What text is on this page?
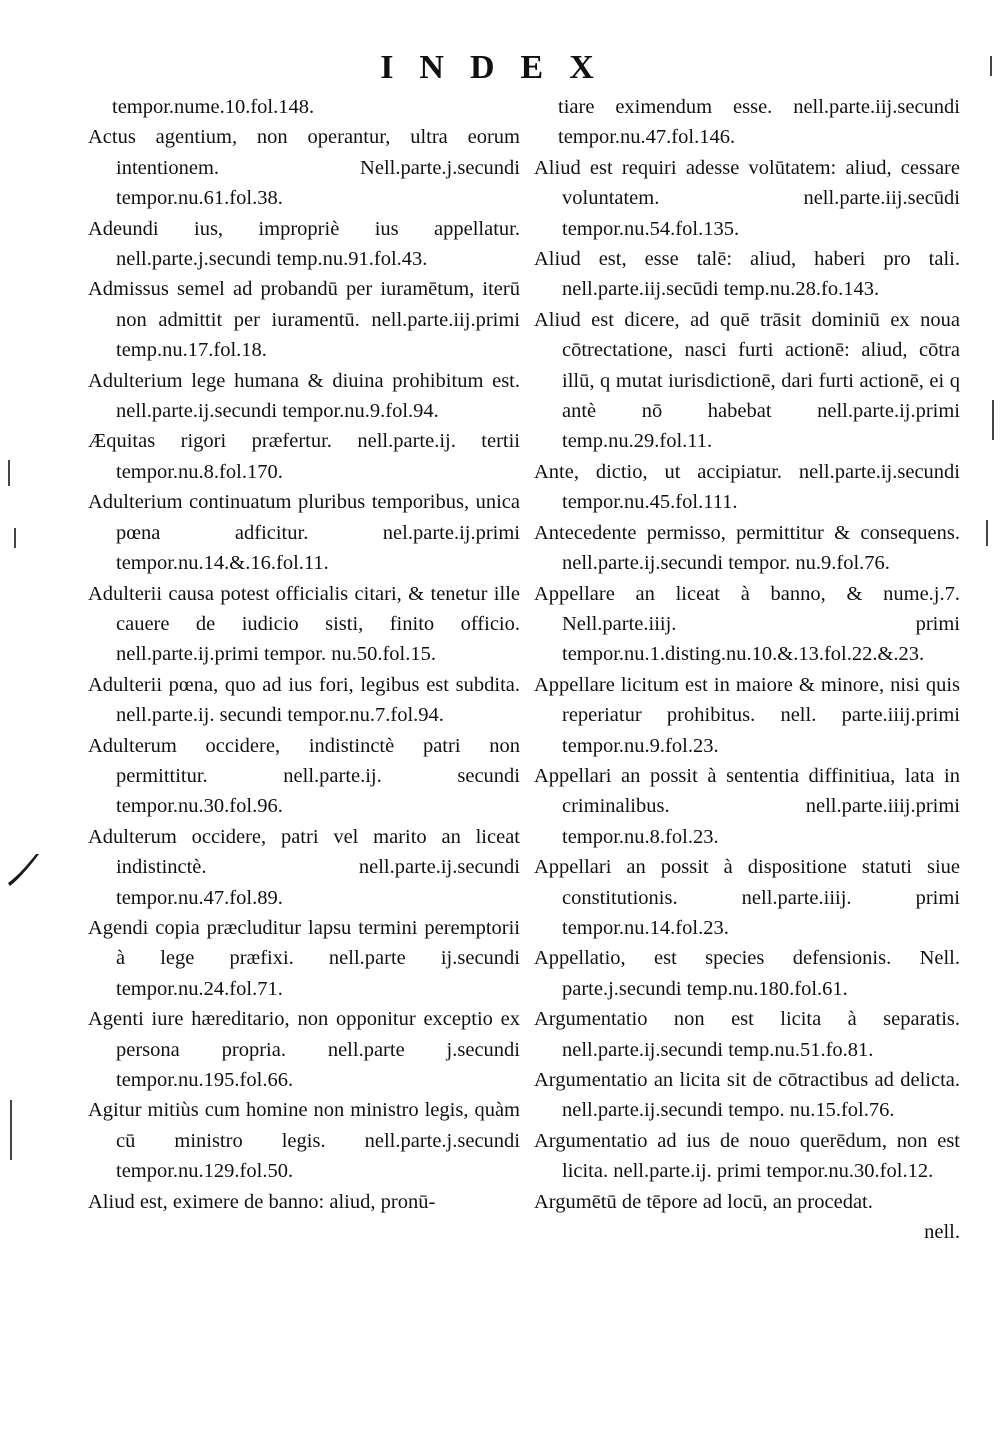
INDEX

tempor.nume.10.fol.148.

Actus agentium, non operantur, ultra eorum intentionem. Nell.parte.j.secundi tempor.nu.61.fol.38.

Adeundi ius, impropriè ius appellatur. nell.parte.j.secundi temp.nu.91.fol.43.

Admissus semel ad probandū per iuramētum, iterū non admittit per iuramentū. nell.parte.iij.primi temp.nu.17.fol.18.

Adulterium lege humana & diuina prohibitum est. nell.parte.ij.secundi tempor.nu.9.fol.94.

Æquitas rigori præfertur. nell.parte.ij. tertii tempor.nu.8.fol.170.

Adulterium continuatum pluribus temporibus, unica pœna adficitur. nel.parte.ij.primi tempor.nu.14.&.16.fol.11.

Adulterii causa potest officialis citari, & tenetur ille cauere de iudicio sisti, finito officio. nell.parte.ij.primi tempor. nu.50.fol.15.

Adulterii pœna, quo ad ius fori, legibus est subdita. nell.parte.ij. secundi tempor.nu.7.fol.94.

Adulterum occidere, indistinctè patri non permittitur. nell.parte.ij. secundi tempor.nu.30.fol.96.

Adulterum occidere, patri vel marito an liceat indistinctè. nell.parte.ij.secundi tempor.nu.47.fol.89.

Agendi copia præcluditur lapsu termini peremptorii à lege præfixi. nell.parte ij.secundi tempor.nu.24.fol.71.

Agenti iure hæreditario, non opponitur exceptio ex persona propria. nell.parte j.secundi tempor.nu.195.fol.66.

Agitur mitiùs cum homine non ministro legis, quàm cū ministro legis. nell.parte.j.secundi tempor.nu.129.fol.50.

Aliud est, eximere de banno: aliud, pronū-

tiare eximendum esse. nell.parte.iij.secundi tempor.nu.47.fol.146.

Aliud est requiri adesse volūtatem: aliud, cessare voluntatem. nell.parte.iij.secūdi tempor.nu.54.fol.135.

Aliud est, esse talē: aliud, haberi pro tali. nell.parte.iij.secūdi temp.nu.28.fo.143.

Aliud est dicere, ad quē trāsit dominiū ex noua cōtrectatione, nasci furti actionē: aliud, cōtra illū, q mutat iurisdictionē, dari furti actionē, ei q antè nō habebat nell.parte.ij.primi temp.nu.29.fol.11.

Ante, dictio, ut accipiatur. nell.parte.ij.secundi tempor.nu.45.fol.111.

Antecedente permisso, permittitur & consequens. nell.parte.ij.secundi tempor. nu.9.fol.76.

Appellare an liceat à banno, & nume.j.7. Nell.parte.iiij. primi tempor.nu.1.disting.nu.10.&.13.fol.22.&.23.

Appellare licitum est in maiore & minore, nisi quis reperiatur prohibitus. nell. parte.iiij.primi tempor.nu.9.fol.23.

Appellari an possit à sententia diffinitiua, lata in criminalibus. nell.parte.iiij.primi tempor.nu.8.fol.23.

Appellari an possit à dispositione statuti siue constitutionis. nell.parte.iiij. primi tempor.nu.14.fol.23.

Appellatio, est species defensionis. Nell. parte.j.secundi temp.nu.180.fol.61.

Argumentatio non est licita à separatis. nell.parte.ij.secundi temp.nu.51.fo.81.

Argumentatio an licita sit de cōtractibus ad delicta. nell.parte.ij.secundi tempo. nu.15.fol.76.

Argumentatio ad ius de nouo querēdum, non est licita. nell.parte.ij. primi tempor.nu.30.fol.12.

Argumētū de tēpore ad locū, an procedat.

nell.
